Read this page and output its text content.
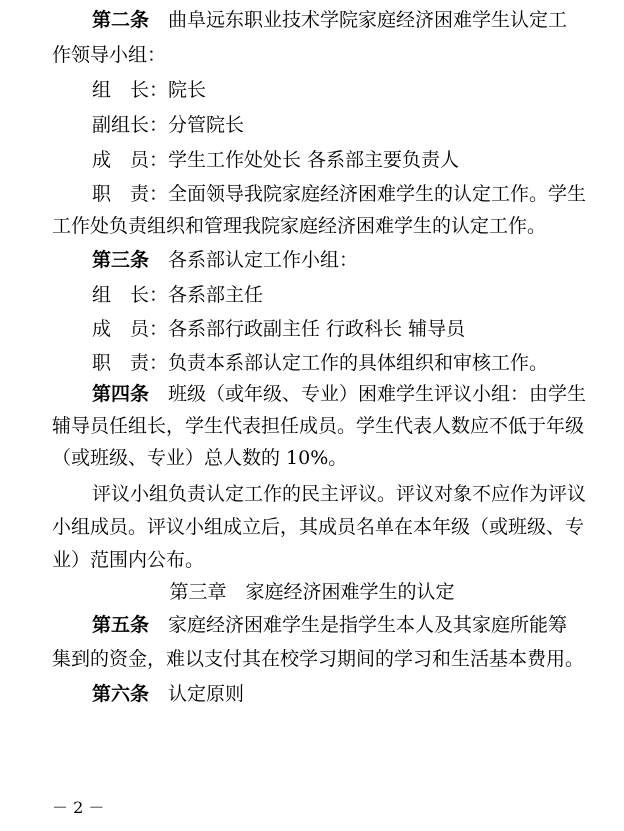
第二条　 曲阜远东职业技术学院家庭经济困难学生认定工
作领导小组：
组　长：院长
副组长：分管院长
成　员：学生工作处处长 各系部主要负责人
职　责：全面领导我院家庭经济困难学生的认定工作。学生
工作处负责组织和管理我院家庭经济困难学生的认定工作。
第三条　 各系部认定工作小组：
组　长：各系部主任
成　员：各系部行政副主任 行政科长 辅导员
职　责：负责本系部认定工作的具体组织和审核工作。
第四条　 班级（或年级、专业）困难学生评议小组：由学生
辅导员任组长，学生代表担任成员。学生代表人数应不低于年级
（或班级、专业）总人数的 10%。
评议小组负责认定工作的民主评议。评议对象不应作为评议
小组成员。评议小组成立后，其成员名单在本年级（或班级、专
业）范围内公布。
第三章　家庭经济困难学生的认定
第五条　 家庭经济困难学生是指学生本人及其家庭所能筹
集到的资金，难以支付其在校学习期间的学习和生活基本费用。
第六条　 认定原则
－ 2 －
